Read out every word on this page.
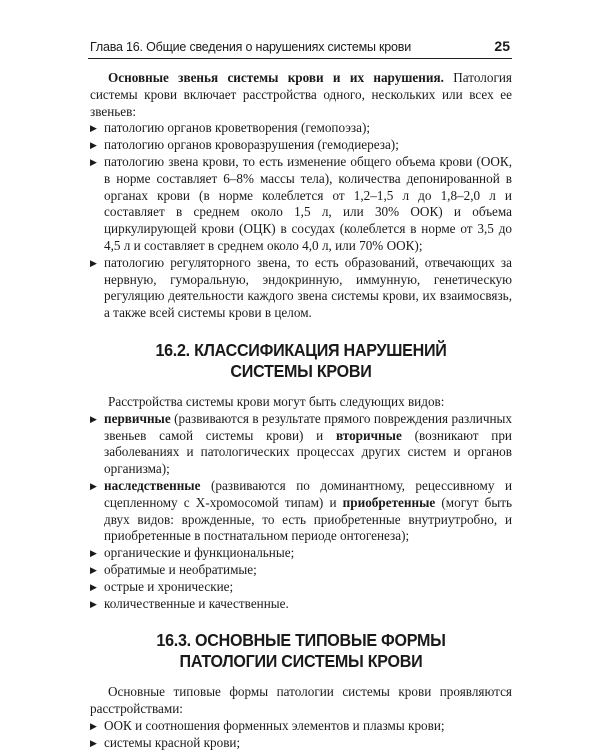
Глава 16. Общие сведения о нарушениях системы крови	25

Основные звенья системы крови и их нарушения. Патология системы крови включает расстройства одного, нескольких или всех ее звеньев:

▶ патологию органов кроветворения (гемопоэза);
▶ патологию органов кроворазрушения (гемодиереза);
▶ патологию звена крови, то есть изменение общего объема крови (ООК, в норме составляет 6–8% массы тела), количества депонированной в органах крови (в норме колеблется от 1,2–1,5 л до 1,8–2,0 л и составляет в среднем около 1,5 л, или 30% ООК) и объема циркулирующей крови (ОЦК) в сосудах (колеблется в норме от 3,5 до 4,5 л и составляет в среднем около 4,0 л, или 70% ООК);
▶ патологию регуляторного звена, то есть образований, отвечающих за нервную, гуморальную, эндокринную, иммунную, генетическую регуляцию деятельности каждого звена системы крови, их взаимосвязь, а также всей системы крови в целом.
16.2. КЛАССИФИКАЦИЯ НАРУШЕНИЙ
СИСТЕМЫ КРОВИ

Расстройства системы крови могут быть следующих видов:

▶ первичные (развиваются в результате прямого повреждения различных звеньев самой системы крови) и вторичные (возникают при заболеваниях и патологических процессах других систем и органов организма);
▶ наследственные (развиваются по доминантному, рецессивному и сцепленному с X-хромосомой типам) и приобретенные (могут быть двух видов: врожденные, то есть приобретенные внутриутробно, и приобретенные в постнатальном периоде онтогенеза);
▶ органические и функциональные;
▶ обратимые и необратимые;
▶ острые и хронические;
▶ количественные и качественные.
16.3. ОСНОВНЫЕ ТИПОВЫЕ ФОРМЫ
ПАТОЛОГИИ СИСТЕМЫ КРОВИ

Основные типовые формы патологии системы крови проявляются расстройствами:

▶ ООК и соотношения форменных элементов и плазмы крови;
▶ системы красной крови;
